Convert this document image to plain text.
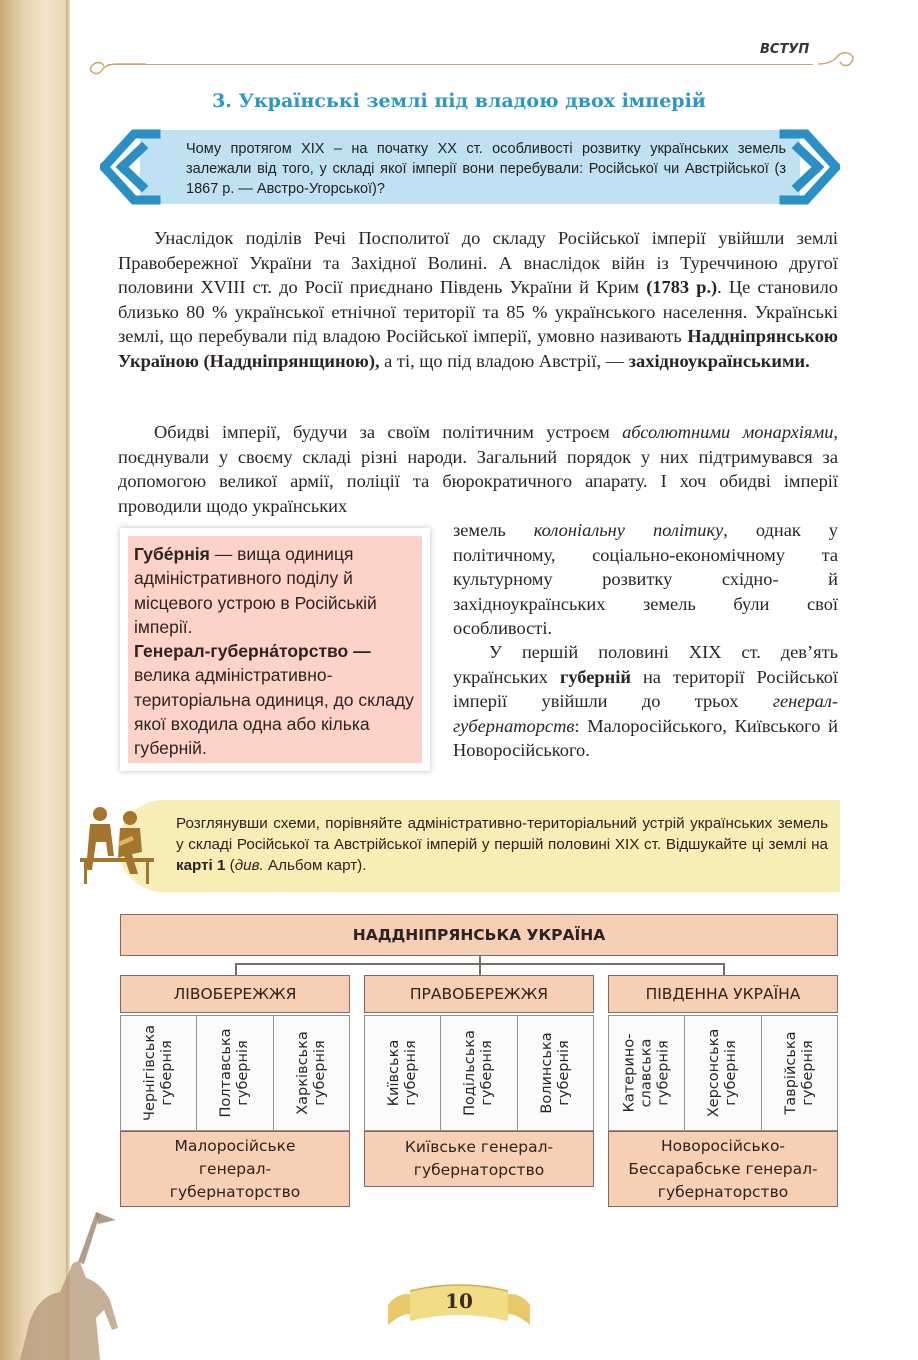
ВСТУП
3. Українські землі під владою двох імперій
Чому протягом XIX – на початку XX ст. особливості розвитку українських земель залежали від того, у складі якої імперії вони перебували: Російської чи Австрійської (з 1867 р. — Австро-Угорської)?

Унаслідок поділів Речі Посполитої до складу Російської імперії увійшли землі Правобережної України та Західної Волині. А внаслідок війн із Туреччиною другої половини XVIII ст. до Росії приєднано Південь України й Крим (1783 р.). Це становило близько 80 % української етнічної території та 85 % українського населення. Українські землі, що перебували під владою Російської імперії, умовно називають Наддніпрянською Україною (Наддніпрянщиною), а ті, що під владою Австрії, — західноукраїнськими.

Обидві імперії, будучи за своїм політичним устроєм абсолютними монархіями, поєднували у своєму складі різні народи. Загальний порядок у них підтримувався за допомогою великої армії, поліції та бюрократичного апарату. І хоч обидві імперії проводили щодо українських

земель колоніальну політику, однак у політичному, соціально-економічному та культурному розвитку східно- й західноукраїнських земель були свої особливості.

У першій половині XIX ст. дев’ять українських губерній на території Російської імперії увійшли до трьох генерал-губернаторств: Малоросійського, Київського й Новоросійського.

Губе́рнія — вища одиниця адміністративного поділу й місцевого устрою в Російській імперії.
Генерал-губерна́торство — велика адміністративно-територіальна одиниця, до складу якої входила одна або кілька губерній.
Розглянувши схеми, порівняйте адміністративно-територіальний устрій українських земель у складі Російської та Австрійської імперій у першій половині XIX ст. Відшукайте ці землі на карті 1 (див. Альбом карт).
НАДДНІПРЯНСЬКА УКРАЇНА
ЛІВОБЕРЕЖЖЯ
Чернігівська губернія	Полтавська губернія	Харківська губернія
Малоросійське генерал-губернаторство
ПРАВОБЕРЕЖЖЯ
Київська губернія	Подільська губернія	Волинська губернія
Київське генерал-губернаторство
ПІВДЕННА УКРАЇНА
Катеринославська губернія Херсонська губернія	Таврійська губернія
Новоросійсько-Бессарабське генерал-губернаторство
10
